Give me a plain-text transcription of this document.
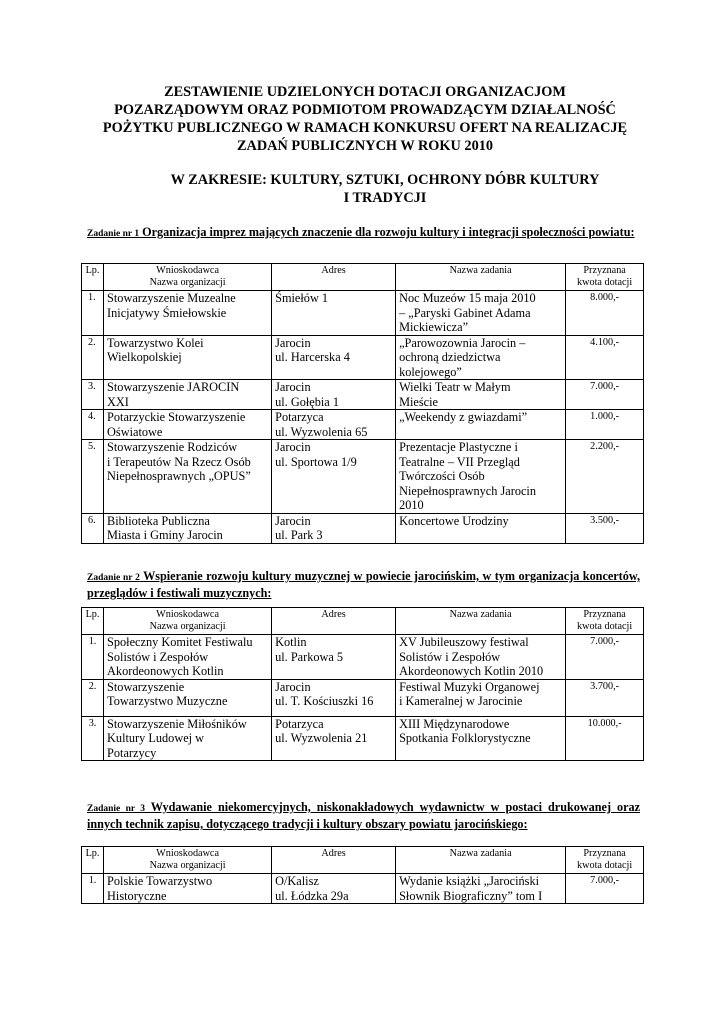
ZESTAWIENIE UDZIELONYCH DOTACJI ORGANIZACJOM
POZARZĄDOWYM ORAZ PODMIOTOM PROWADZĄCYM DZIAŁALNOŚĆ
POŻYTKU PUBLICZNEGO W RAMACH KONKURSU OFERT NA REALIZACJĘ
ZADAŃ PUBLICZNYCH W ROKU 2010
W ZAKRESIE: KULTURY, SZTUKI, OCHRONY DÓBR KULTURY
I TRADYCJI
Zadanie nr 1 Organizacja imprez mających znaczenie dla rozwoju kultury i integracji społeczności powiatu:
Lp.	Wnioskodawca
Nazwa organizacji	Adres	Nazwa zadania	Przyznana
kwota dotacji

1.	Stowarzyszenie Muzealne
Inicjatywy Śmiełowskie	Śmiełów 1	Noc Muzeów 15 maja 2010
– „Paryski Gabinet Adama
Mickiewicza”	8.000,-
2.	Towarzystwo Kolei
Wielkopolskiej	Jarocin
ul. Harcerska 4	„Parowozownia Jarocin –
ochroną dziedzictwa
kolejowego”	4.100,-
3.	Stowarzyszenie JAROCIN
XXI	Jarocin
ul. Gołębia 1	Wielki Teatr w Małym
Mieście	7.000,-
4.	Potarzyckie Stowarzyszenie
Oświatowe	Potarzyca
ul. Wyzwolenia 65	„Weekendy z gwiazdami”	1.000,-
5.	Stowarzyszenie Rodziców
i Terapeutów Na Rzecz Osób
Niepełnosprawnych „OPUS”	Jarocin
ul. Sportowa 1/9	Prezentacje Plastyczne i
Teatralne – VII Przegląd
Twórczości Osób
Niepełnosprawnych Jarocin
2010	2.200,-
6.	Biblioteka Publiczna
Miasta i Gminy Jarocin	Jarocin
ul. Park 3	Koncertowe Urodziny	3.500,-
Zadanie nr 2 Wspieranie rozwoju kultury muzycznej w powiecie jarocińskim, w tym organizacja koncertów, przeglądów i festiwali muzycznych:
Lp.	Wnioskodawca
Nazwa organizacji	Adres	Nazwa zadania	Przyznana
kwota dotacji

1.	Społeczny Komitet Festiwalu
Solistów i Zespołów
Akordeonowych Kotlin	Kotlin
ul. Parkowa 5	XV Jubileuszowy festiwal
Solistów i Zespołów
Akordeonowych Kotlin 2010	7.000,-
2.	Stowarzyszenie
Towarzystwo Muzyczne	Jarocin
ul. T. Kościuszki 16	Festiwal Muzyki Organowej
i Kameralnej w Jarocinie	3.700,-
3.	Stowarzyszenie Miłośników
Kultury Ludowej w
Potarzycy	Potarzyca
ul. Wyzwolenia 21	XIII Międzynarodowe
Spotkania Folklorystyczne	10.000,-
Zadanie nr 3 Wydawanie niekomercyjnych, niskonakładowych wydawnictw w postaci drukowanej oraz innych technik zapisu, dotyczącego tradycji i kultury obszary powiatu jarocińskiego:
Lp.	Wnioskodawca
Nazwa organizacji	Adres	Nazwa zadania	Przyznana
kwota dotacji

1.	Polskie Towarzystwo
Historyczne	O/Kalisz
ul. Łódzka 29a	Wydanie książki „Jarociński
Słownik Biograficzny” tom I	7.000,-
